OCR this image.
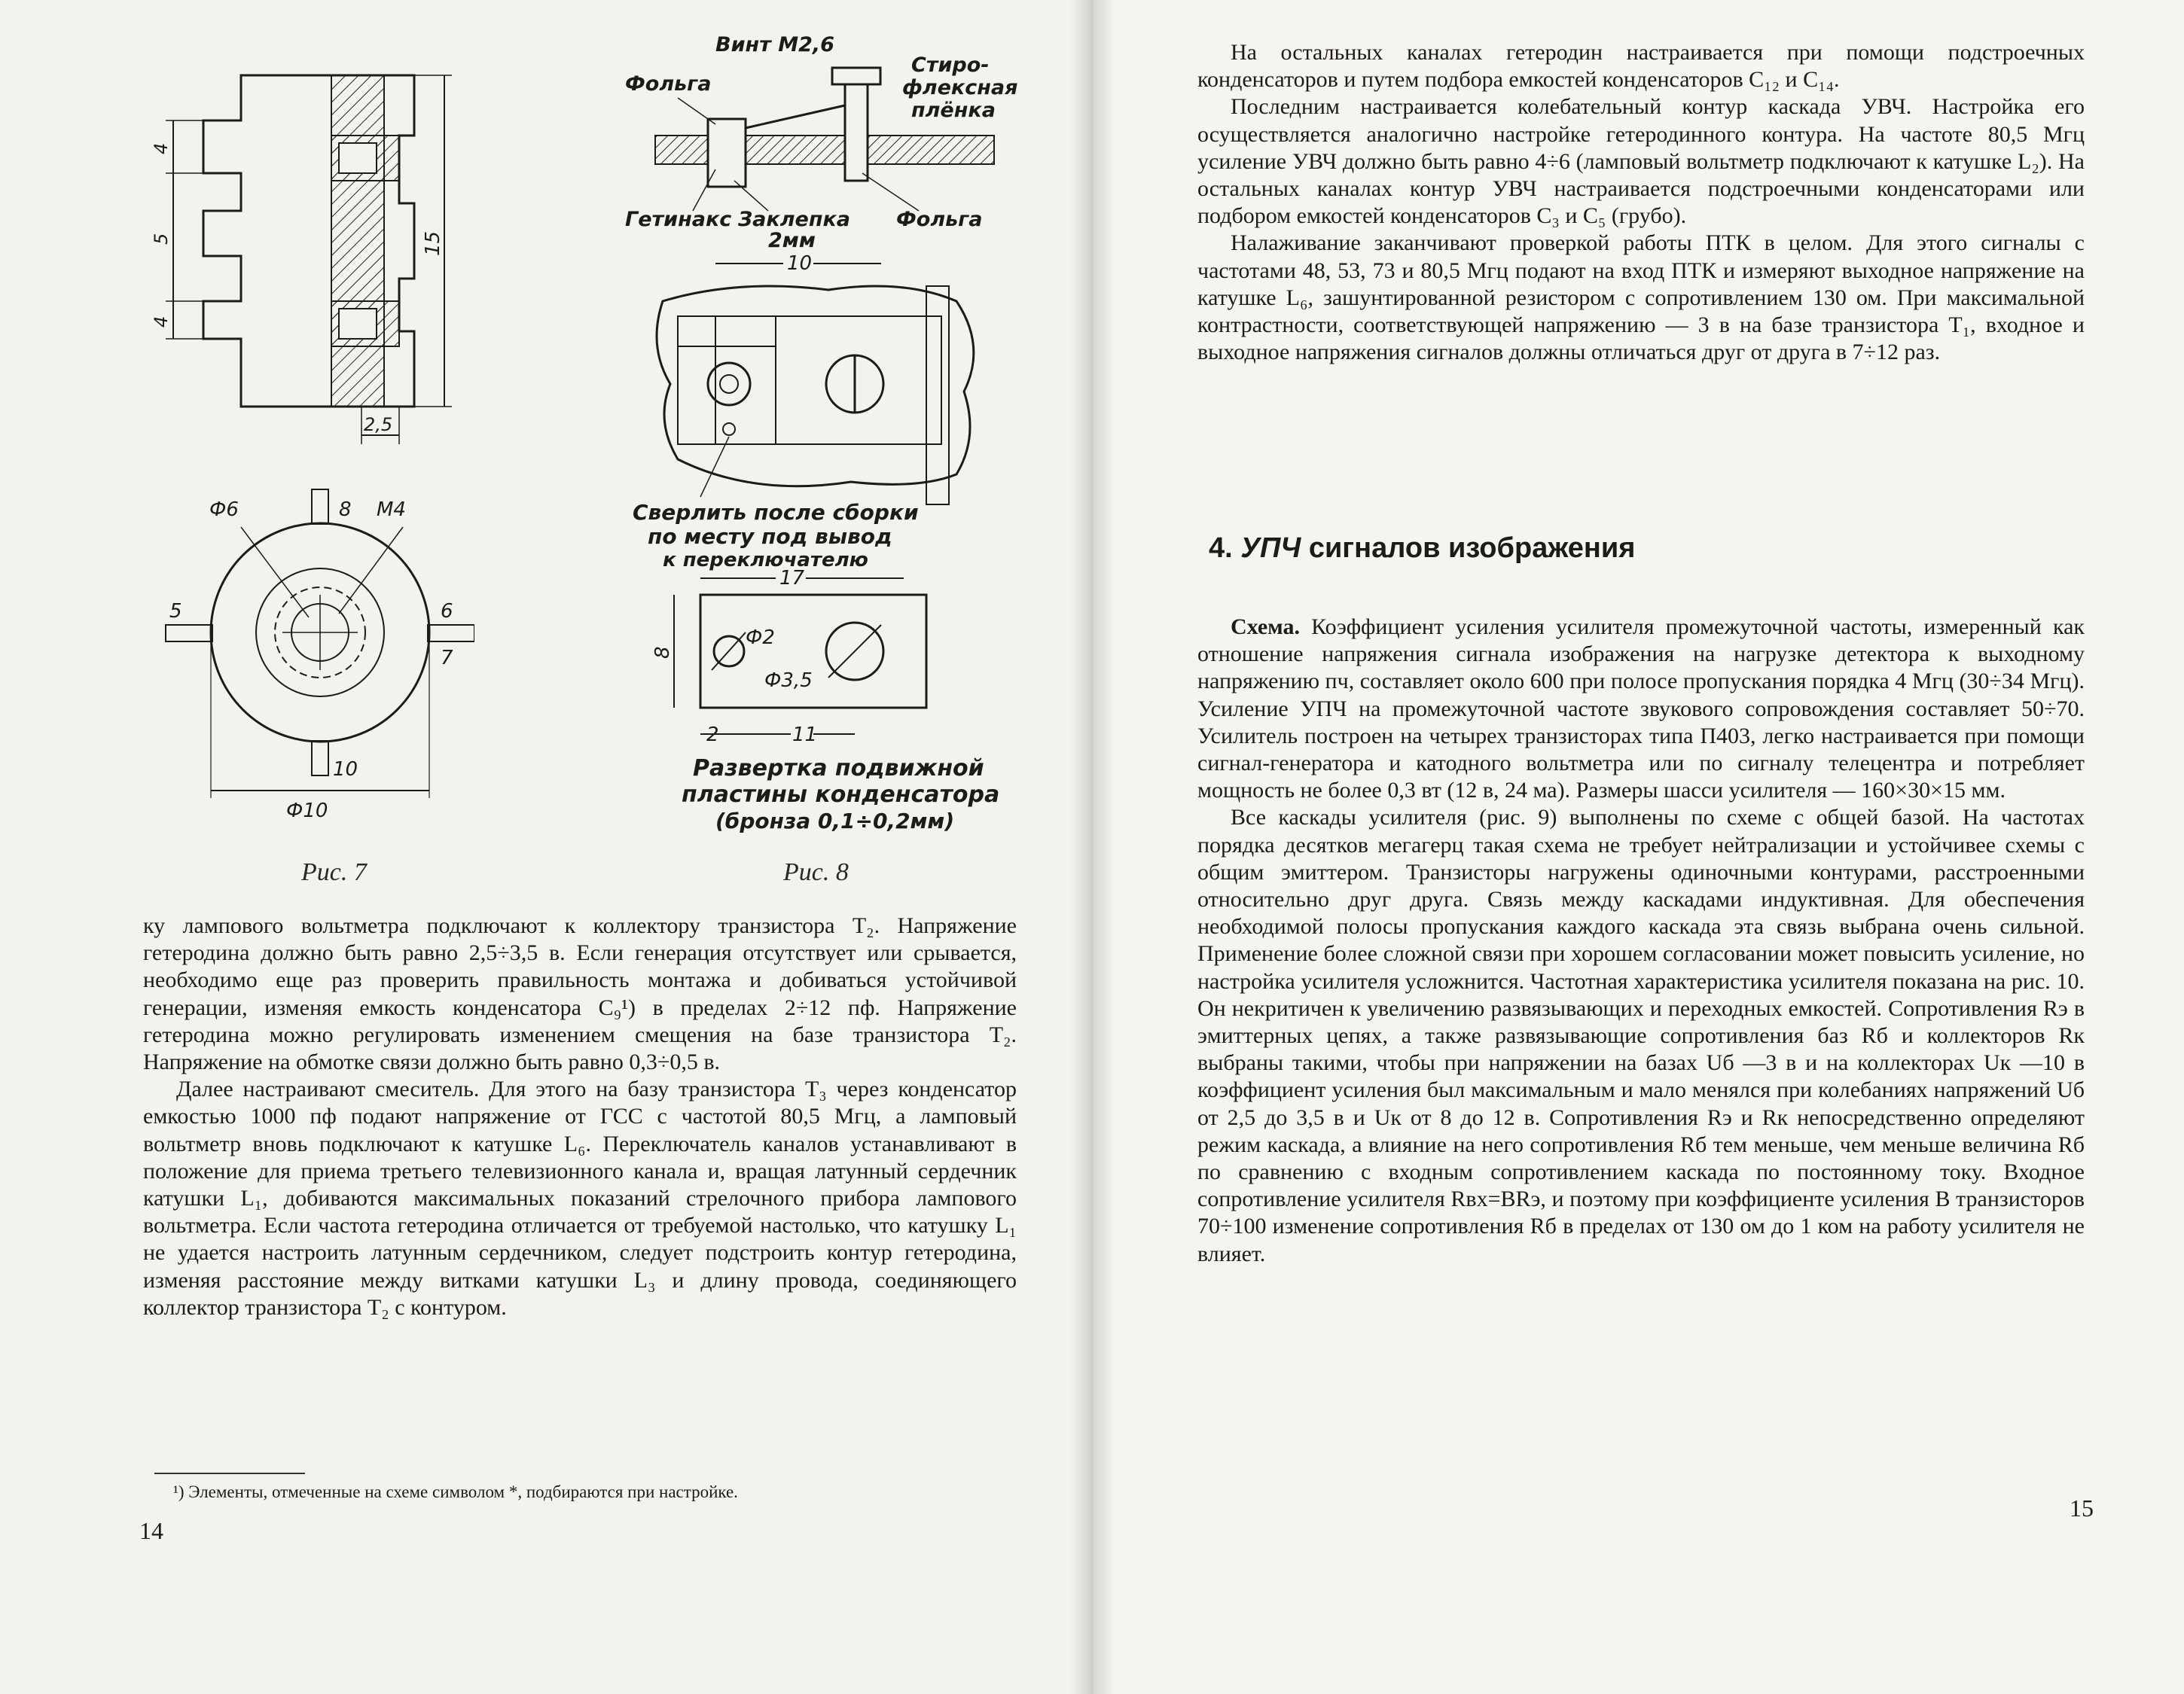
4
5
4
15
2,5
Ф6	8 М4
5	6
7
10
Ф10
Рис. 7
Винт М2,6
Фольга
Стиро-
флексная
плёнка
Гетинакс Заклепка
2мм
Фольга
10
Сверлить после сборки
по месту под вывод
к переключателю
17
Ф2
Ф3,5
8
2	11
Развертка подвижной
пластины конденсатора
(бронза 0,1÷0,2мм)
Рис. 8

ку лампового вольтметра подключают к коллектору транзистора T₂. Напряжение гетеродина должно быть равно 2,5÷3,5 в. Если генерация отсутствует или срывается, необходимо еще раз проверить правильность монтажа и добиваться устойчивой генерации, изменяя емкость конденсатора C₉¹) в пределах 2÷12 пф. Напряжение гетеродина можно регулировать изменением смещения на базе транзистора T₂. Напряжение на обмотке связи должно быть равно 0,3÷0,5 в.

Далее настраивают смеситель. Для этого на базу транзистора T₃ через конденсатор емкостью 1000 пф подают напряжение от ГСС с частотой 80,5 Мгц, а ламповый вольтметр вновь подключают к катушке L₆. Переключатель каналов устанавливают в положение для приема третьего телевизионного канала и, вращая латунный сердечник катушки L₁, добиваются максимальных показаний стрелочного прибора лампового вольтметра. Если частота гетеродина отличается от требуемой настолько, что катушку L₁ не удается настроить латунным сердечником, следует подстроить контур гетеродина, изменяя расстояние между витками катушки L₃ и длину провода, соединяющего коллектор транзистора T₂ с контуром.

¹) Элементы, отмеченные на схеме символом *, подбираются при настройке.
14

На остальных каналах гетеродин настраивается при помощи подстроечных конденсаторов и путем подбора емкостей конденсаторов C₁₂ и C₁₄.

Последним настраивается колебательный контур каскада УВЧ. Настройка его осуществляется аналогично настройке гетеродинного контура. На частоте 80,5 Мгц усиление УВЧ должно быть равно 4÷6 (ламповый вольтметр подключают к катушке L₂). На остальных каналах контур УВЧ настраивается подстроечными конденсаторами или подбором емкостей конденсаторов C₃ и C₅ (грубо).

Налаживание заканчивают проверкой работы ПТК в целом. Для этого сигналы с частотами 48, 53, 73 и 80,5 Мгц подают на вход ПТК и измеряют выходное напряжение на катушке L₆, зашунтированной резистором с сопротивлением 130 ом. При максимальной контрастности, соответствующей напряжению — 3 в на базе транзистора T₁, входное и выходное напряжения сигналов должны отличаться друг от друга в 7÷12 раз.

4. УПЧ сигналов изображения

Схема. Коэффициент усиления усилителя промежуточной частоты, измеренный как отношение напряжения сигнала изображения на нагрузке детектора к выходному напряжению пч, составляет около 600 при полосе пропускания порядка 4 Мгц (30÷34 Мгц). Усиление УПЧ на промежуточной частоте звукового сопровождения составляет 50÷70. Усилитель построен на четырех транзисторах типа П403, легко настраивается при помощи сигнал-генератора и катодного вольтметра или по сигналу телецентра и потребляет мощность не более 0,3 вт (12 в, 24 ма). Размеры шасси усилителя — 160×30×15 мм.

Все каскады усилителя (рис. 9) выполнены по схеме с общей базой. На частотах порядка десятков мегагерц такая схема не требует нейтрализации и устойчивее схемы с общим эмиттером. Транзисторы нагружены одиночными контурами, расстроенными относительно друг друга. Связь между каскадами индуктивная. Для обеспечения необходимой полосы пропускания каждого каскада эта связь выбрана очень сильной. Применение более сложной связи при хорошем согласовании может повысить усиление, но настройка усилителя усложнится. Частотная характеристика усилителя показана на рис. 10. Он некритичен к увеличению развязывающих и переходных емкостей. Сопротивления Rэ в эмиттерных цепях, а также развязывающие сопротивления баз Rб и коллекторов Rк выбраны такими, чтобы при напряжении на базах Uб —3 в и на коллекторах Uк —10 в коэффициент усиления был максимальным и мало менялся при колебаниях напряжений Uб от 2,5 до 3,5 в и Uк от 8 до 12 в. Сопротивления Rэ и Rк непосредственно определяют режим каскада, а влияние на него сопротивления Rб тем меньше, чем меньше величина Rб по сравнению с входным сопротивлением каскада по постоянному току. Входное сопротивление усилителя Rвх=BRэ, и поэтому при коэффициенте усиления B транзисторов 70÷100 изменение сопротивления Rб в пределах от 130 ом до 1 ком на работу усилителя не влияет.

15
